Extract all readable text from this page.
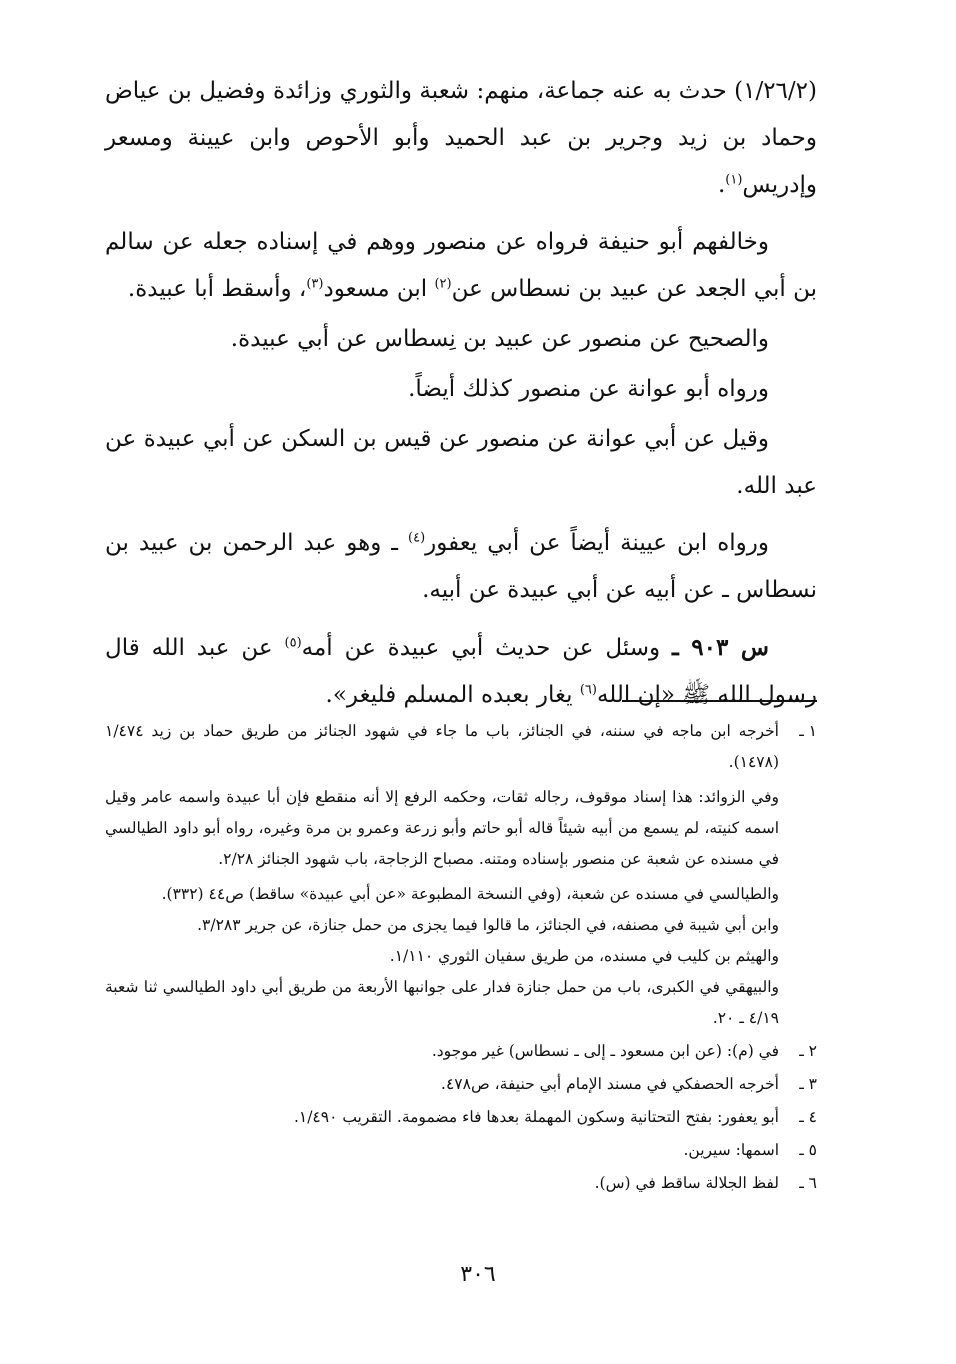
(١/٢٦/٢) حدث به عنه جماعة، منهم: شعبة والثوري وزائدة وفضيل بن عياض وحماد بن زيد وجرير بن عبد الحميد وأبو الأحوص وابن عيينة ومسعر وإدريس$^{(١)}$.

وخالفهم أبو حنيفة فرواه عن منصور ووهم في إسناده جعله عن سالم بن أبي الجعد عن عبيد بن نسطاس عن$^{(٢)}$ ابن مسعود$^{(٣)}$، وأسقط أبا عبيدة.

والصحيح عن منصور عن عبيد بن نِسطاس عن أبي عبيدة.

ورواه أبو عوانة عن منصور كذلك أيضاً.

وقيل عن أبي عوانة عن منصور عن قيس بن السكن عن أبي عبيدة عن عبد الله.

ورواه ابن عيينة أيضاً عن أبي يعفور$^{(٤)}$ ـ وهو عبد الرحمن بن عبيد بن نسطاس ـ عن أبيه عن أبي عبيدة عن أبيه.

س ٩٠٣ ـ وسئل عن حديث أبي عبيدة عن أمه$^{(٥)}$ عن عبد الله قال رسول الله ﷺ «إن الله$^{(٦)}$ يغار بعبده المسلم فليغر».

١ ـ
أخرجه ابن ماجه في سننه، في الجنائز، باب ما جاء في شهود الجنائز من طريق حماد بن زيد ١/٤٧٤ (١٤٧٨).
وفي الزوائد: هذا إسناد موقوف، رجاله ثقات، وحكمه الرفع إلا أنه منقطع فإن أبا عبيدة واسمه عامر وقيل اسمه كنيته، لم يسمع من أبيه شيئاً قاله أبو حاتم وأبو زرعة وعمرو بن مرة وغيره، رواه أبو داود الطيالسي في مسنده عن شعبة عن منصور بإسناده ومتنه. مصباح الزجاجة، باب شهود الجنائز ٢/٢٨.
والطيالسي في مسنده عن شعبة، (وفي النسخة المطبوعة «عن أبي عبيدة» ساقط) ص٤٤ (٣٣٢).
وابن أبي شيبة في مصنفه، في الجنائز، ما قالوا فيما يجزى من حمل جنازة، عن جرير ٣/٢٨٣.
والهيثم بن كليب في مسنده، من طريق سفيان الثوري ١/١١٠.
والبيهقي في الكبرى، باب من حمل جنازة فدار على جوانبها الأربعة من طريق أبي داود الطيالسي ثنا شعبة ٤/١٩ ـ ٢٠.
٢ ـ
في (م): (عن ابن مسعود ـ إلى ـ نسطاس) غير موجود.
٣ ـ
أخرجه الحصفكي في مسند الإمام أبي حنيفة، ص٤٧٨.
٤ ـ
أبو يعفور: بفتح التحتانية وسكون المهملة بعدها فاء مضمومة. التقريب ١/٤٩٠.
٥ ـ
اسمها: سيرين.
٦ ـ
لفظ الجلالة ساقط في (س).
٣٠٦
